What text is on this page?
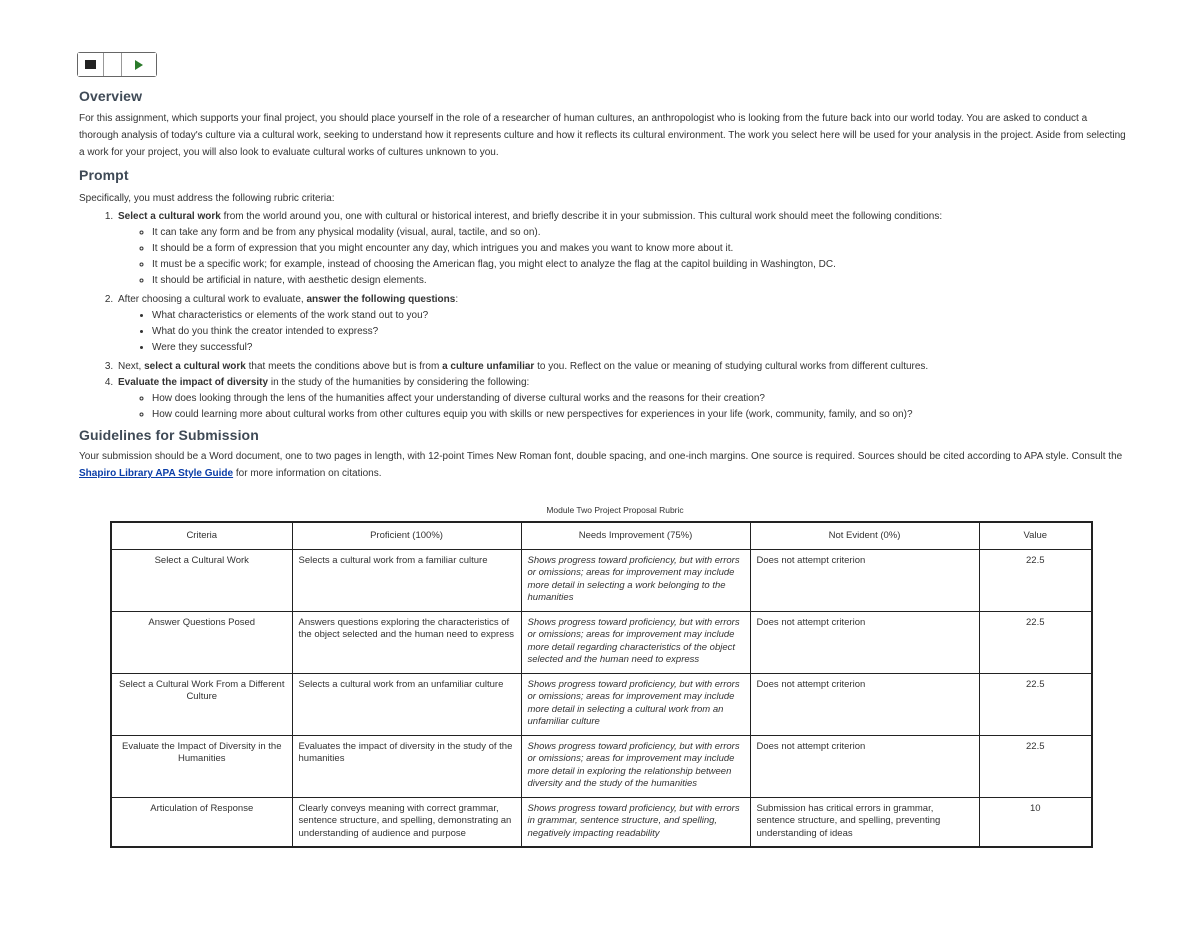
Overview

For this assignment, which supports your final project, you should place yourself in the role of a researcher of human cultures, an anthropologist who is looking from the future back into our world today. You are asked to conduct a thorough analysis of today's culture via a cultural work, seeking to understand how it represents culture and how it reflects its cultural environment. The work you select here will be used for your analysis in the project. Aside from selecting a work for your project, you will also look to evaluate cultural works of cultures unknown to you.

Prompt

Specifically, you must address the following rubric criteria:

1. Select a cultural work from the world around you, one with cultural or historical interest, and briefly describe it in your submission. This cultural work should meet the following conditions:
◦ It can take any form and be from any physical modality (visual, aural, tactile, and so on).
◦ It should be a form of expression that you might encounter any day, which intrigues you and makes you want to know more about it.
◦ It must be a specific work; for example, instead of choosing the American flag, you might elect to analyze the flag at the capitol building in Washington, DC.
◦ It should be artificial in nature, with aesthetic design elements.
2. After choosing a cultural work to evaluate, answer the following questions:
• What characteristics or elements of the work stand out to you?
• What do you think the creator intended to express?
• Were they successful?
3. Next, select a cultural work that meets the conditions above but is from a culture unfamiliar to you. Reflect on the value or meaning of studying cultural works from different cultures.
4. Evaluate the impact of diversity in the study of the humanities by considering the following:
◦ How does looking through the lens of the humanities affect your understanding of diverse cultural works and the reasons for their creation?
◦ How could learning more about cultural works from other cultures equip you with skills or new perspectives for experiences in your life (work, community, family, and so on)?
Guidelines for Submission

Your submission should be a Word document, one to two pages in length, with 12-point Times New Roman font, double spacing, and one-inch margins. One source is required. Sources should be cited according to APA style. Consult the Shapiro Library APA Style Guide for more information on citations.

Module Two Project Proposal Rubric
Criteria	Proficient (100%)	Needs Improvement (75%)	Not Evident (0%)	Value
Select a Cultural Work	Selects a cultural work from a familiar culture	Shows progress toward proficiency, but with errors or omissions; areas for improvement may include more detail in selecting a work belonging to the humanities	Does not attempt criterion	22.5
Answer Questions Posed	Answers questions exploring the characteristics of the object selected and the human need to express	Shows progress toward proficiency, but with errors or omissions; areas for improvement may include more detail regarding characteristics of the object selected and the human need to express	Does not attempt criterion	22.5
Select a Cultural Work From a Different Culture	Selects a cultural work from an unfamiliar culture	Shows progress toward proficiency, but with errors or omissions; areas for improvement may include more detail in selecting a cultural work from an unfamiliar culture	Does not attempt criterion	22.5
Evaluate the Impact of Diversity in the Humanities	Evaluates the impact of diversity in the study of the humanities	Shows progress toward proficiency, but with errors or omissions; areas for improvement may include more detail in exploring the relationship between diversity and the study of the humanities	Does not attempt criterion	22.5
Articulation of Response	Clearly conveys meaning with correct grammar, sentence structure, and spelling, demonstrating an understanding of audience and purpose	Shows progress toward proficiency, but with errors in grammar, sentence structure, and spelling, negatively impacting readability	Submission has critical errors in grammar, sentence structure, and spelling, preventing understanding of ideas	10
